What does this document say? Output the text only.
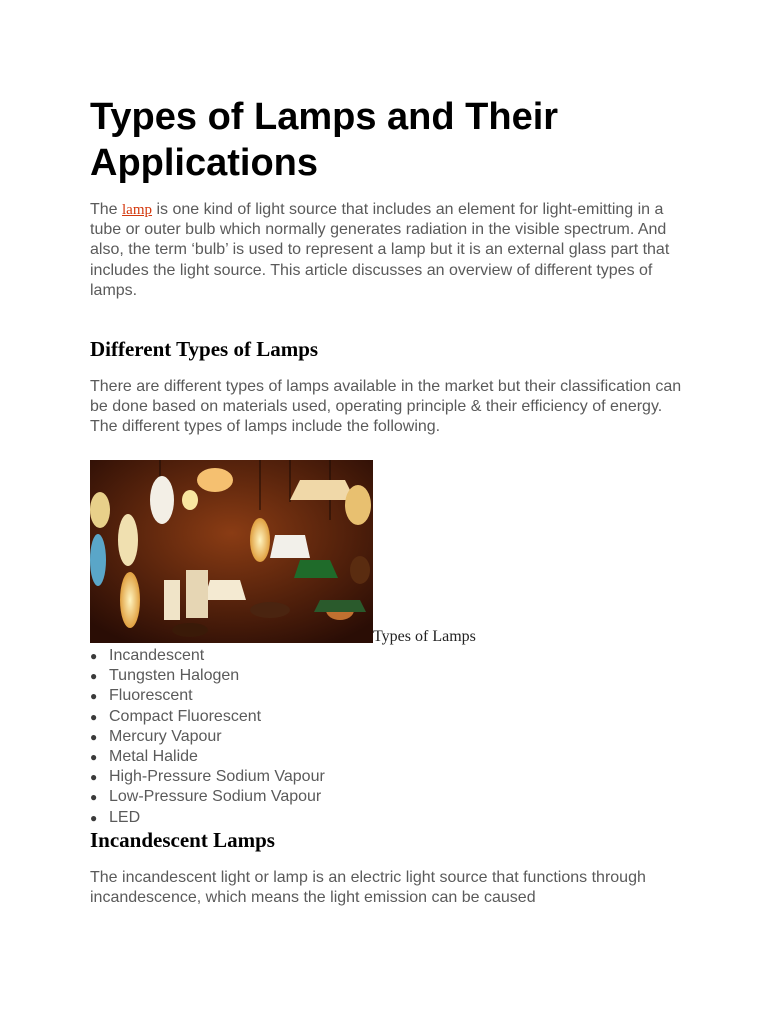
Types of Lamps and Their Applications

The lamp is one kind of light source that includes an element for light-emitting in a tube or outer bulb which normally generates radiation in the visible spectrum. And also, the term ‘bulb’ is used to represent a lamp but it is an external glass part that includes the light source. This article discusses an overview of different types of lamps.

Different Types of Lamps

There are different types of lamps available in the market but their classification can be done based on materials used, operating principle & their efficiency of energy. The different types of lamps include the following.

Types of Lamps
● Incandescent
● Tungsten Halogen
● Fluorescent
● Compact Fluorescent
● Mercury Vapour
● Metal Halide
● High-Pressure Sodium Vapour
● Low-Pressure Sodium Vapour
● LED
Incandescent Lamps

The incandescent light or lamp is an electric light source that functions through incandescence, which means the light emission can be caused
